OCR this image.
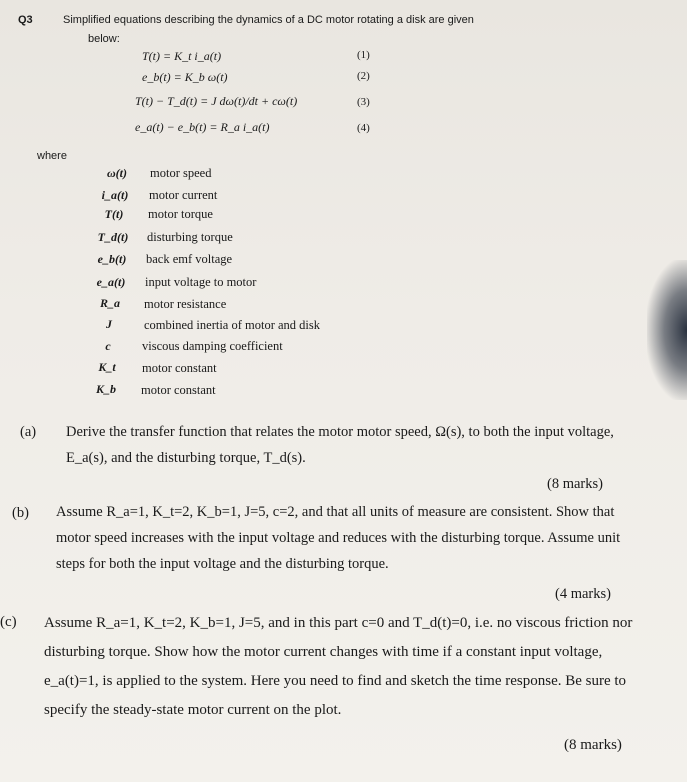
Q3	Simplified equations describing the dynamics of a DC motor rotating a disk are given
below:
T(t) = K_t i_a(t)	(1)
e_b(t) = K_b ω(t)	(2)
T(t) − T_d(t) = J dω(t)/dt + cω(t)	(3)
e_a(t) − e_b(t) = R_a i_a(t)	(4)
where
ω(t)	motor speed
i_a(t)	motor current
T(t)	motor torque
T_d(t)	disturbing torque
e_b(t)	back emf voltage
e_a(t)	input voltage to motor
R_a	motor resistance
J	combined inertia of motor and disk
c	viscous damping coefficient
K_t	motor constant
K_b	motor constant
(a) Derive the transfer function that relates the motor motor speed, Ω(s), to both the input voltage, E_a(s), and the disturbing torque, T_d(s).
(8 marks)
(b) Assume R_a=1, K_t=2, K_b=1, J=5, c=2, and that all units of measure are consistent. Show that motor speed increases with the input voltage and reduces with the disturbing torque. Assume unit steps for both the input voltage and the disturbing torque.
(4 marks)
(c) Assume R_a=1, K_t=2, K_b=1, J=5, and in this part c=0 and T_d(t)=0, i.e. no viscous friction nor disturbing torque. Show how the motor current changes with time if a constant input voltage, e_a(t)=1, is applied to the system. Here you need to find and sketch the time response. Be sure to specify the steady-state motor current on the plot.
(8 marks)
